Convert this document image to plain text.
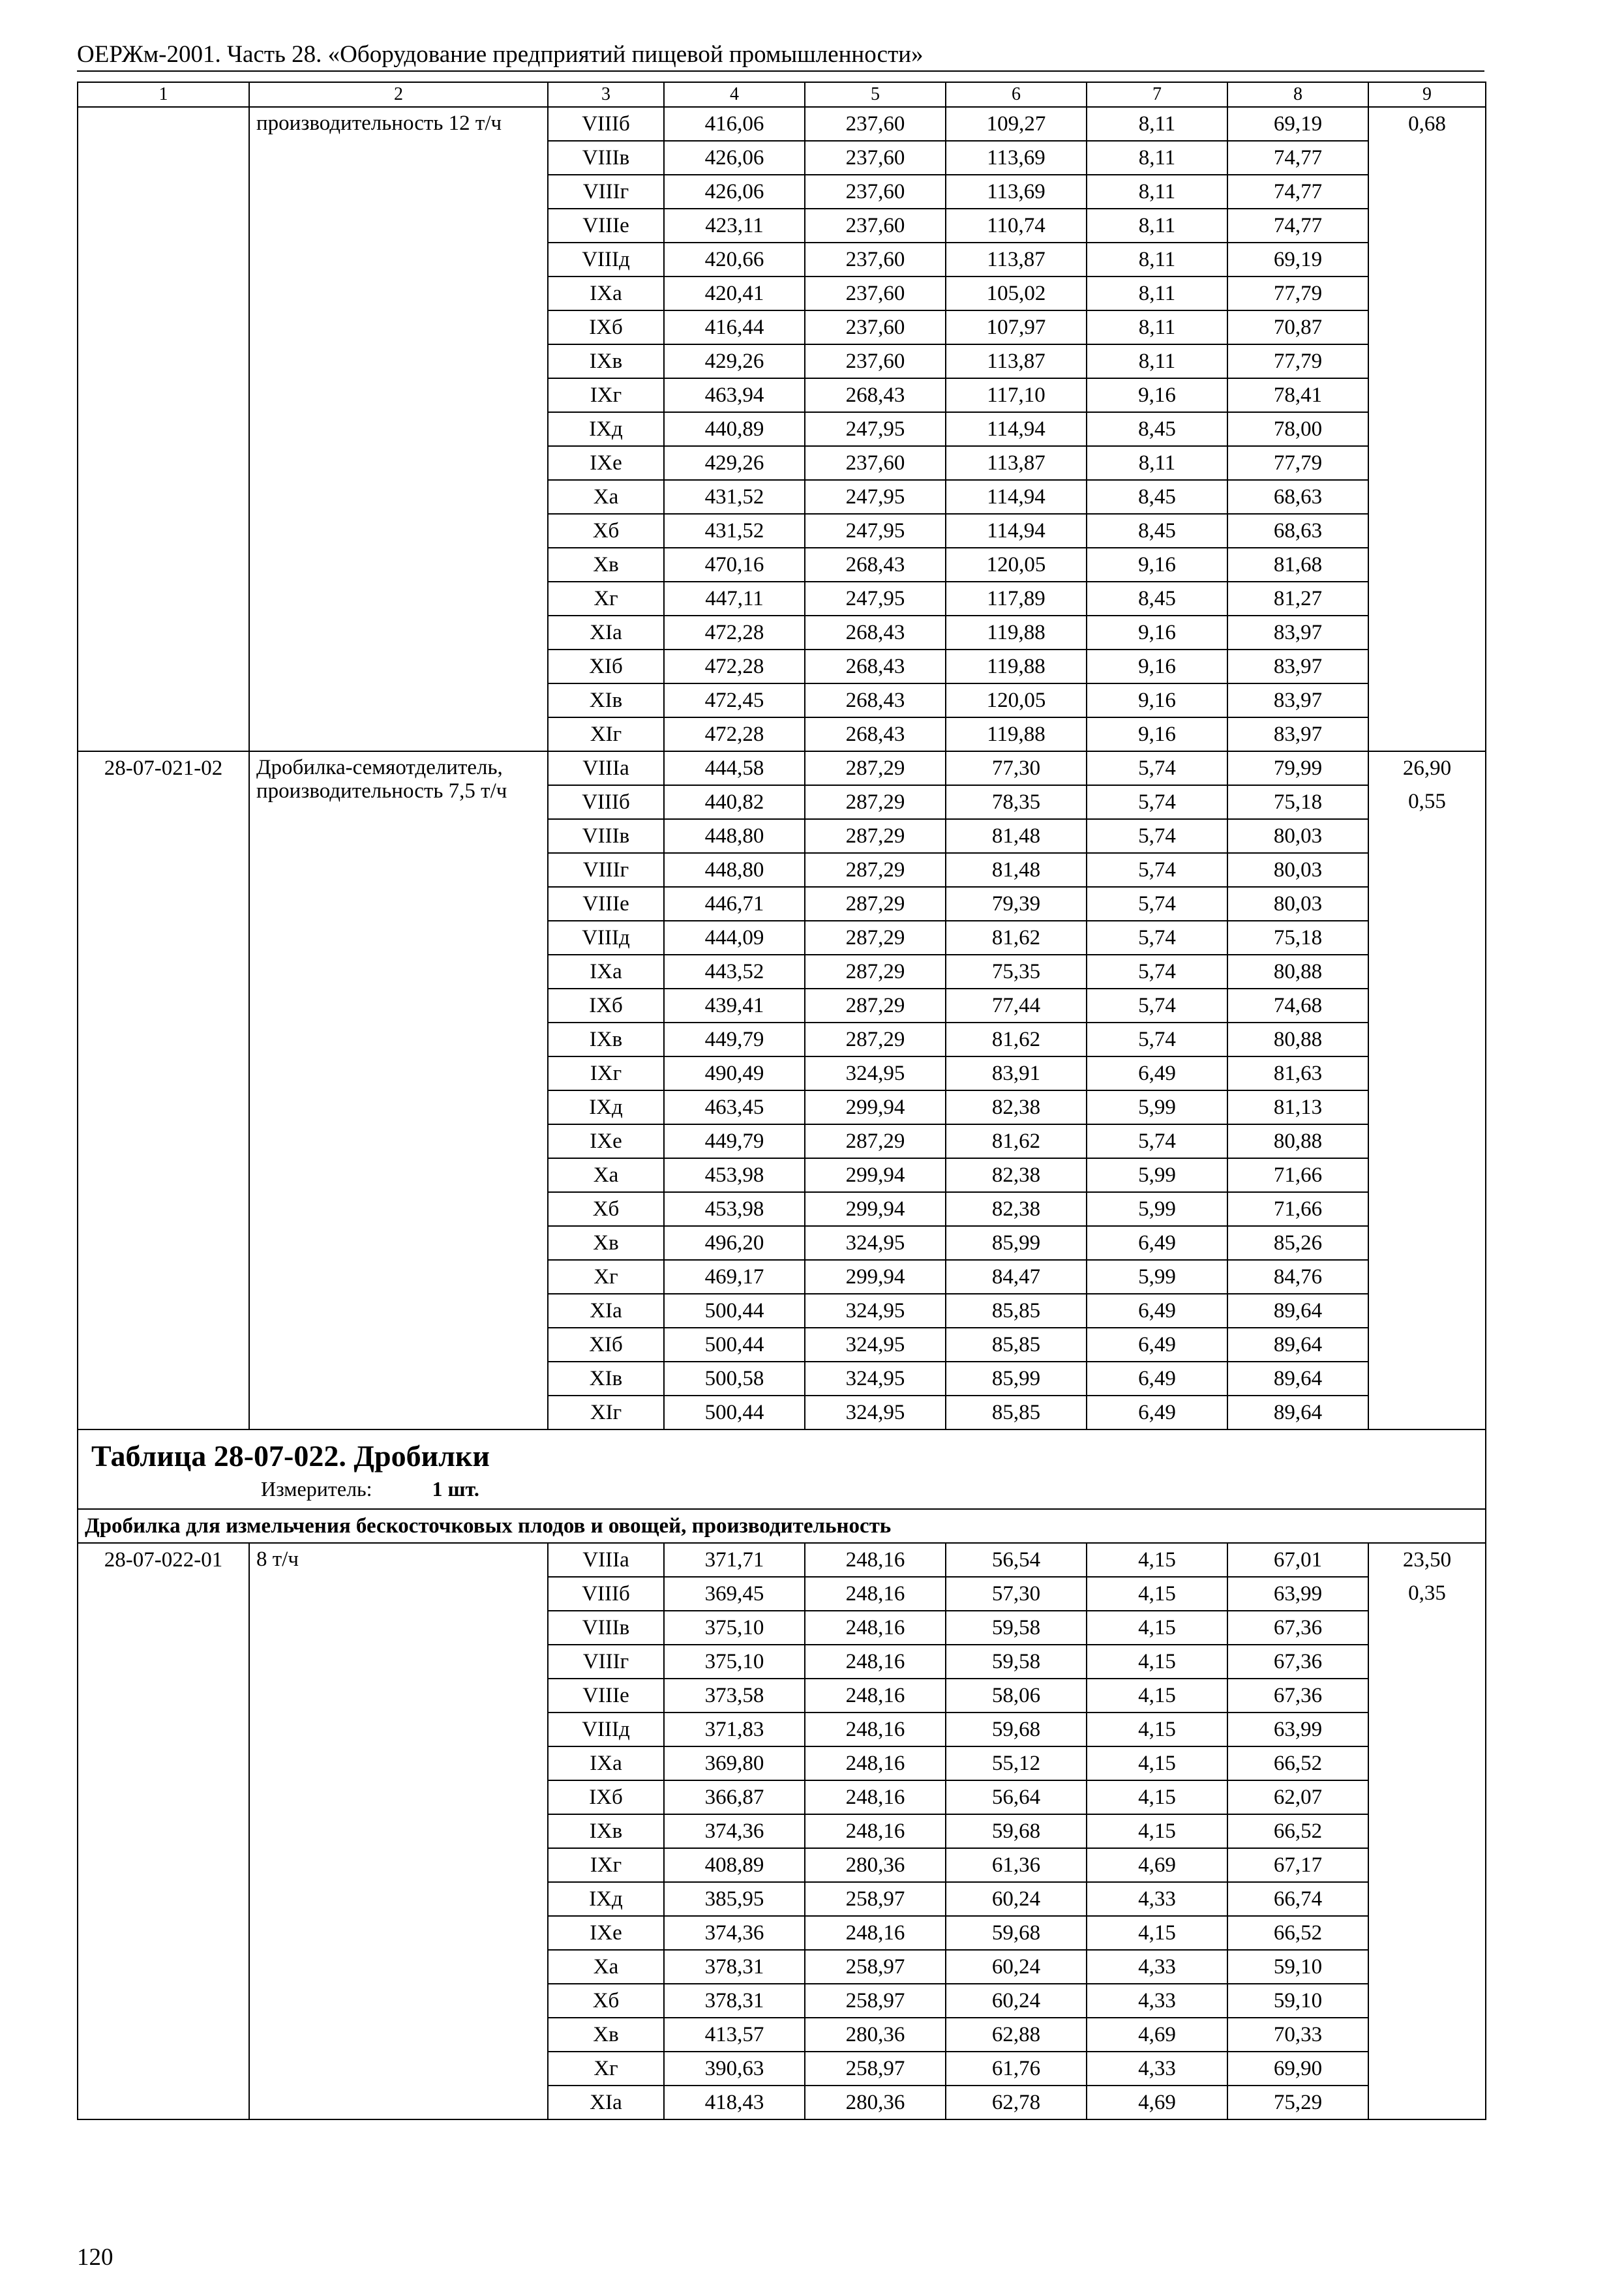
ОЕРЖм-2001. Часть 28. «Оборудование предприятий пищевой промышленности»
1	2	3	4	5	6	7	8	9
	производительность 12 т/ч	VIIIб	416,06	237,60	109,27	8,11	69,19	0,68
		VIIIв	426,06	237,60	113,69	8,11	74,77	
		VIIIг	426,06	237,60	113,69	8,11	74,77	
		VIIIе	423,11	237,60	110,74	8,11	74,77	
		VIIIд	420,66	237,60	113,87	8,11	69,19	
		IXа	420,41	237,60	105,02	8,11	77,79	
		IXб	416,44	237,60	107,97	8,11	70,87	
		IXв	429,26	237,60	113,87	8,11	77,79	
		IXг	463,94	268,43	117,10	9,16	78,41	
		IXд	440,89	247,95	114,94	8,45	78,00	
		IXе	429,26	237,60	113,87	8,11	77,79	
		Xа	431,52	247,95	114,94	8,45	68,63	
		Xб	431,52	247,95	114,94	8,45	68,63	
		Xв	470,16	268,43	120,05	9,16	81,68	
		Xг	447,11	247,95	117,89	8,45	81,27	
		XIа	472,28	268,43	119,88	9,16	83,97	
		XIб	472,28	268,43	119,88	9,16	83,97	
		XIв	472,45	268,43	120,05	9,16	83,97	
		XIг	472,28	268,43	119,88	9,16	83,97	
28-07-021-02	Дробилка-семяотделитель, производительность 7,5 т/ч	VIIIа	444,58	287,29	77,30	5,74	79,99	26,90
		VIIIб	440,82	287,29	78,35	5,74	75,18	0,55
		VIIIв	448,80	287,29	81,48	5,74	80,03	
		VIIIг	448,80	287,29	81,48	5,74	80,03	
		VIIIе	446,71	287,29	79,39	5,74	80,03	
		VIIIд	444,09	287,29	81,62	5,74	75,18	
		IXа	443,52	287,29	75,35	5,74	80,88	
		IXб	439,41	287,29	77,44	5,74	74,68	
		IXв	449,79	287,29	81,62	5,74	80,88	
		IXг	490,49	324,95	83,91	6,49	81,63	
		IXд	463,45	299,94	82,38	5,99	81,13	
		IXе	449,79	287,29	81,62	5,74	80,88	
		Xа	453,98	299,94	82,38	5,99	71,66	
		Xб	453,98	299,94	82,38	5,99	71,66	
		Xв	496,20	324,95	85,99	6,49	85,26	
		Xг	469,17	299,94	84,47	5,99	84,76	
		XIа	500,44	324,95	85,85	6,49	89,64	
		XIб	500,44	324,95	85,85	6,49	89,64	
		XIв	500,58	324,95	85,99	6,49	89,64	
		XIг	500,44	324,95	85,85	6,49	89,64	

Таблица 28-07-022. Дробилки
Измеритель: 1 шт.								

Дробилка для измельчения бескосточковых плодов и овощей, производительность								
28-07-022-01	8 т/ч	VIIIа	371,71	248,16	56,54	4,15	67,01	23,50
		VIIIб	369,45	248,16	57,30	4,15	63,99	0,35
		VIIIв	375,10	248,16	59,58	4,15	67,36	
		VIIIг	375,10	248,16	59,58	4,15	67,36	
		VIIIе	373,58	248,16	58,06	4,15	67,36	
		VIIIд	371,83	248,16	59,68	4,15	63,99	
		IXа	369,80	248,16	55,12	4,15	66,52	
		IXб	366,87	248,16	56,64	4,15	62,07	
		IXв	374,36	248,16	59,68	4,15	66,52	
		IXг	408,89	280,36	61,36	4,69	67,17	
		IXд	385,95	258,97	60,24	4,33	66,74	
		IXе	374,36	248,16	59,68	4,15	66,52	
		Xа	378,31	258,97	60,24	4,33	59,10	
		Xб	378,31	258,97	60,24	4,33	59,10	
		Xв	413,57	280,36	62,88	4,69	70,33	
		Xг	390,63	258,97	61,76	4,33	69,90	
		XIа	418,43	280,36	62,78	4,69	75,29	
120
